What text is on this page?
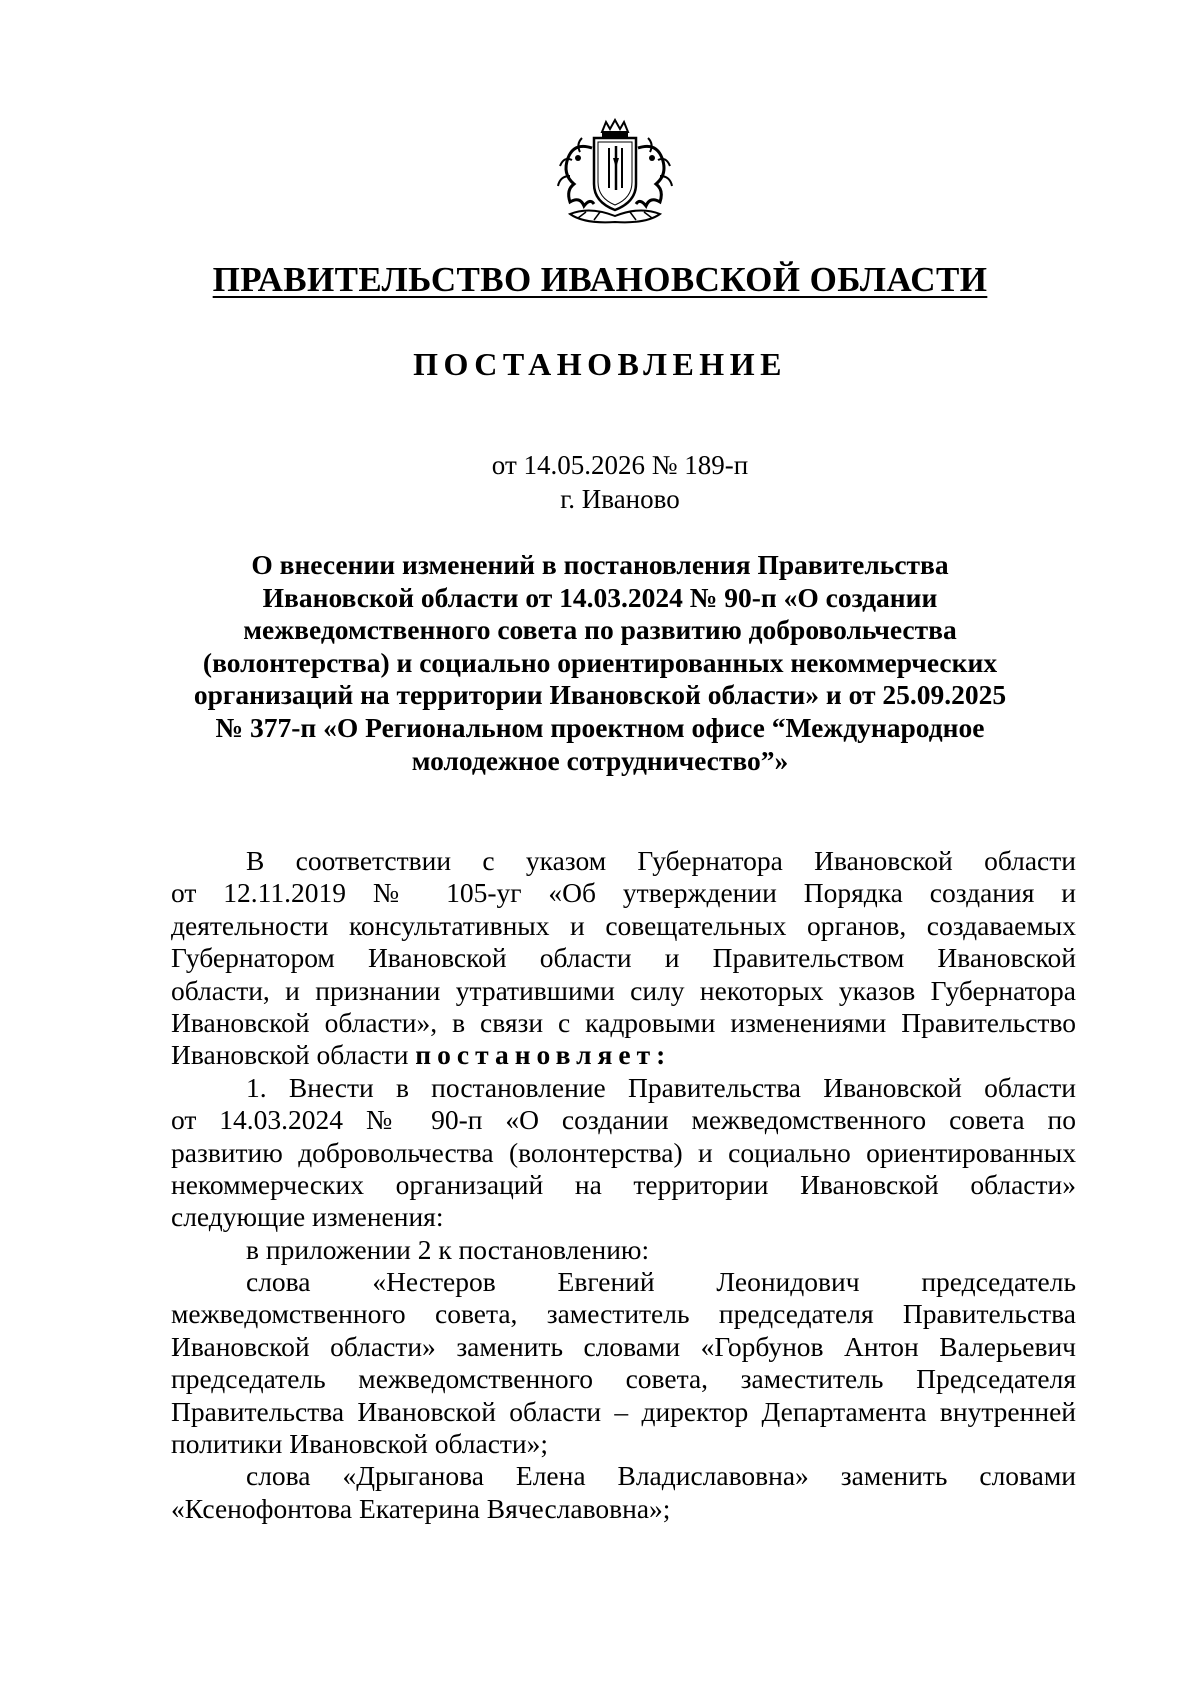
ПРАВИТЕЛЬСТВО ИВАНОВСКОЙ ОБЛАСТИ
ПОСТАНОВЛЕНИЕ
от 14.05.2026 № 189-п
г. Иваново
О внесении изменений в постановления Правительства
Ивановской области от 14.03.2024 № 90-п «О создании
межведомственного совета по развитию добровольчества
(волонтерства) и социально ориентированных некоммерческих
организаций на территории Ивановской области» и от 25.09.2025
№ 377-п «О Региональном проектном офисе “Международное
молодежное сотрудничество”»
В соответствии с указом Губернатора Ивановской области
от 12.11.2019 № 105-уг «Об утверждении Порядка создания и
деятельности консультативных и совещательных органов, создаваемых
Губернатором Ивановской области и Правительством Ивановской
области, и признании утратившими силу некоторых указов Губернатора
Ивановской области», в связи с кадровыми изменениями Правительство
Ивановской области постановляет:
1. Внести в постановление Правительства Ивановской области
от 14.03.2024 № 90-п «О создании межведомственного совета по
развитию добровольчества (волонтерства) и социально ориентированных
некоммерческих организаций на территории Ивановской области»
следующие изменения:
в приложении 2 к постановлению:
слова «Нестеров Евгений Леонидович председатель
межведомственного совета, заместитель председателя Правительства
Ивановской области» заменить словами «Горбунов Антон Валерьевич
председатель межведомственного совета, заместитель Председателя
Правительства Ивановской области – директор Департамента внутренней
политики Ивановской области»;
слова «Дрыганова Елена Владиславовна» заменить словами
«Ксенофонтова Екатерина Вячеславовна»;
